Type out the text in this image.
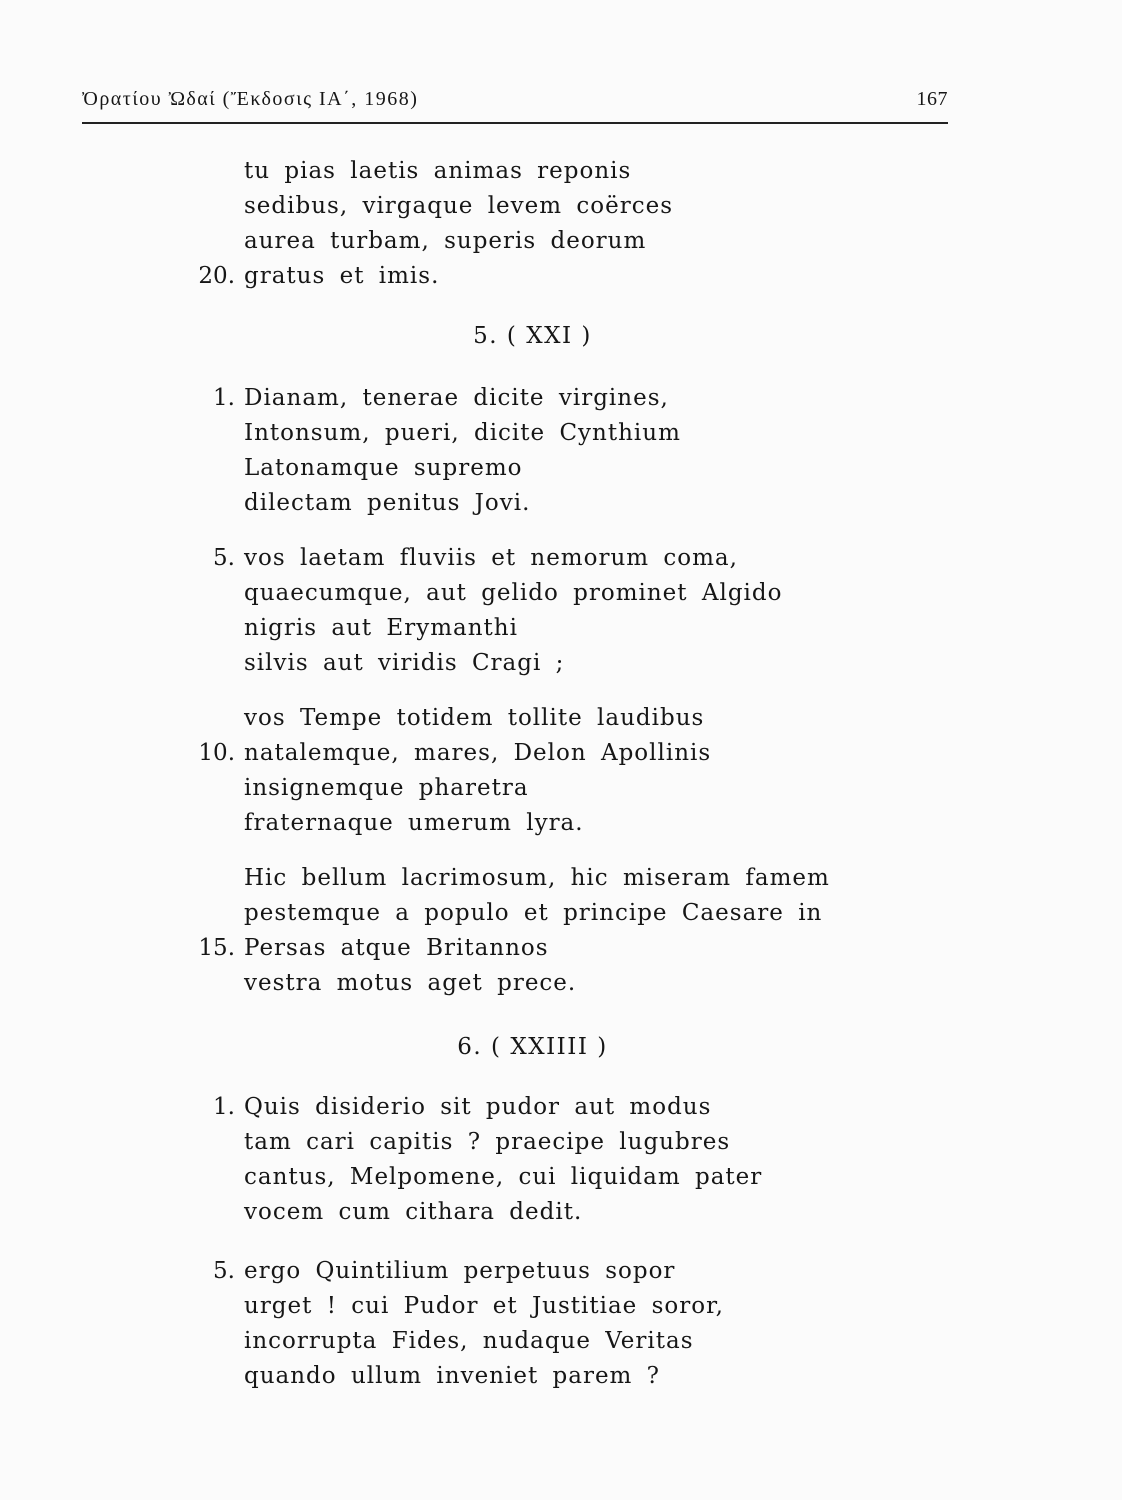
Ὀρατίου Ὠδαί (Ἔκδοσις ΙΑ΄, 1968)	167
tu pias laetis animas reponis
sedibus, virgaque levem coërces
aurea turbam, superis deorum
20. gratus et imis.
5. ( XXI )
1. Dianam, tenerae dicite virgines,
Intonsum, pueri, dicite Cynthium
Latonamque supremo
dilectam penitus Jovi.
5. vos laetam fluviis et nemorum coma,
quaecumque, aut gelido prominet Algido
nigris aut Erymanthi
silvis aut viridis Cragi ;
vos Tempe totidem tollite laudibus
10. natalemque, mares, Delon Apollinis
insignemque pharetra
fraternaque umerum lyra.
Hic bellum lacrimosum, hic miseram famem
pestemque a populo et principe Caesare in
15. Persas atque Britannos
vestra motus aget prece.
6. ( XXIIII )
1. Quis disiderio sit pudor aut modus
tam cari capitis ? praecipe lugubres
cantus, Melpomene, cui liquidam pater
vocem cum cithara dedit.
5. ergo Quintilium perpetuus sopor
urget ! cui Pudor et Justitiae soror,
incorrupta Fides, nudaque Veritas
quando ullum inveniet parem ?
